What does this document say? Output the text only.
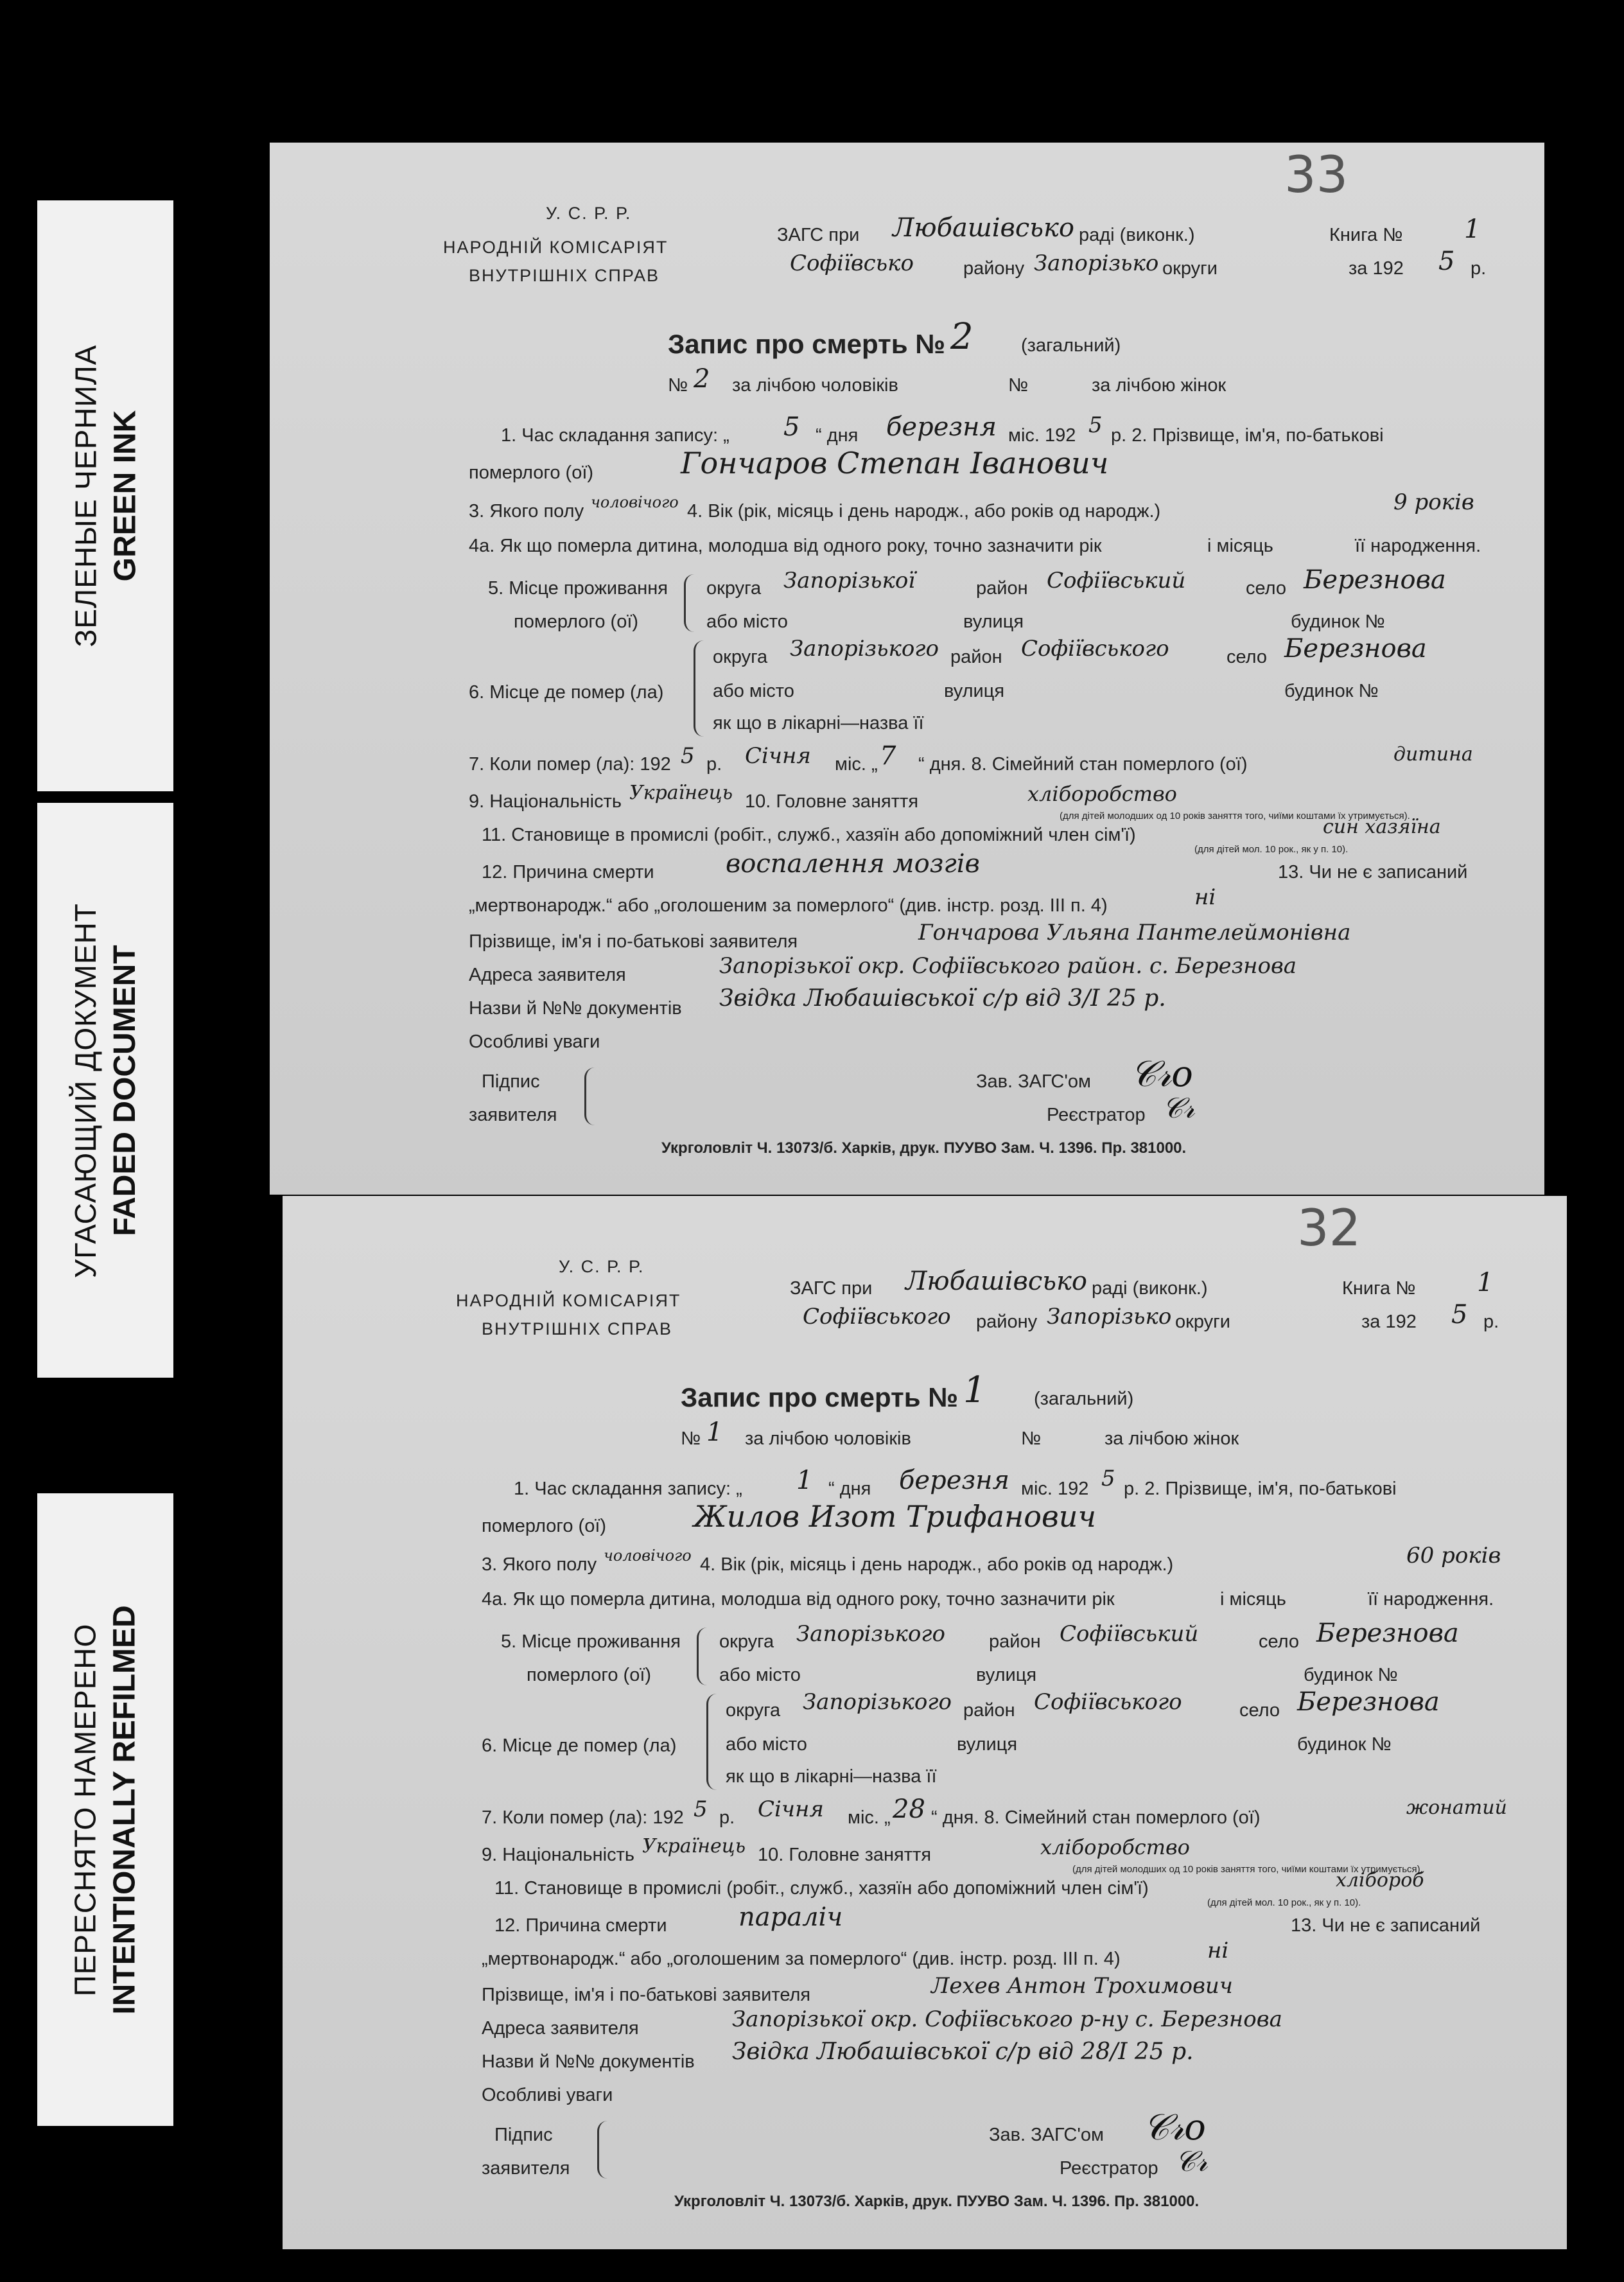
ЗЕЛЕНЫЕ ЧЕРНИЛА GREEN INK
УГАСАЮЩИЙ ДОКУМЕНТ FADED DOCUMENT
ПЕРЕСНЯТО НАМЕРЕНО INTENTIONALLY REFILMED
33
У. С. Р. Р.
НАРОДНІЙ КОМІСАРІЯТ
ВНУТРІШНІХ СПРАВ
ЗАГС при Любашівсько раді (виконк.)
Софіївсько	району Запорізько округи
Книга № 1
за 192 5 р.
Запис про смерть № 2	(загальний)
№ 2 за лічбою чоловіків	№	за лічбою жінок
1. Час складання запису: „ 5 “ дня березня міс. 192 5 р. 2. Прізвище, ім'я, по-батькові
померлого (ої)	Гончаров Степан Іванович
3. Якого полу чоловічого 4. Вік (рік, місяць і день народж., або років од народж.)	9 років
4а. Як що померла дитина, молодша від одного року, точно зазначити рік	і місяць	її народження.
5. Місце проживання
померлого (ої)
округа Запорізької	район Софіївський	село Березнова
або місто	вулиця	будинок №
6. Місце де помер (ла)
округа Запорізького район Софіївського	село Березнова
або місто	вулиця	будинок №
як що в лікарні—назва її
7. Коли помер (ла): 192 5 р. Січня міс. „ 7 “ дня. 8. Сімейний стан померлого (ої)	дитина
9. Національність Українець 10. Головне заняття	хліборобство
(для дітей молодших од 10 років заняття того, чиїми коштами їх утримується).
11. Становище в промислі (робіт., служб., хазяїн або допоміжний член сім'ї)	син хазяїна
(для дітей мол. 10 рок., як у п. 10).
12. Причина смерти	воспалення мозгів	13. Чи не є записаний
„мертвонародж.“ або „оголошеним за померлого“ (див. інстр. розд. III п. 4)	ні
Прізвище, ім'я і по-батькові заявителя	Гончарова Ульяна Пантелеймонівна
Адреса заявителя	Запорізької окр. Софіївського район. с. Березнова
Назви й №№ документів Звідка Любашівської с/р від 3/І 25 р.
Особливі уваги
Підпис
заявителя
Зав. ЗАГС'ом 𝒞𝓇𝑜
Реєстратор 𝒞𝓇
Укрголовліт Ч. 13073/б. Харків, друк. ПУУВО Зам. Ч. 1396. Пр. 381000.
32
У. С. Р. Р.
НАРОДНІЙ КОМІСАРІЯТ
ВНУТРІШНІХ СПРАВ
ЗАГС при Любашівсько раді (виконк.)
Софіївського району Запорізько округи
Книга № 1
за 192 5 р.
Запис про смерть № 1	(загальний)
№ 1 за лічбою чоловіків	№	за лічбою жінок
1. Час складання запису: „ 1 “ дня березня міс. 192 5 р. 2. Прізвище, ім'я, по-батькові
померлого (ої)	Жилов Изот Трифанович
3. Якого полу чоловічого 4. Вік (рік, місяць і день народж., або років од народж.)	60 років
4а. Як що померла дитина, молодша від одного року, точно зазначити рік	і місяць	її народження.
5. Місце проживання
померлого (ої)
округа Запорізького район Софіївський	село Березнова
або місто	вулиця	будинок №
6. Місце де помер (ла)
округа Запорізького район Софіївського	село Березнова
або місто	вулиця	будинок №
як що в лікарні—назва її
7. Коли помер (ла): 192 5 р. Січня міс. „ 28 “ дня. 8. Сімейний стан померлого (ої)	жонатий
9. Національність Українець 10. Головне заняття	хліборобство
(для дітей молодших од 10 років заняття того, чиїми коштами їх утримується).
11. Становище в промислі (робіт., служб., хазяїн або допоміжний член сім'ї)	хлібороб
(для дітей мол. 10 рок., як у п. 10).
12. Причина смерти	параліч	13. Чи не є записаний
„мертвонародж.“ або „оголошеним за померлого“ (див. інстр. розд. III п. 4)	ні
Прізвище, ім'я і по-батькові заявителя	Лехев Антон Трохимович
Адреса заявителя	Запорізької окр. Софіївського р-ну с. Березнова
Назви й №№ документів Звідка Любашівської с/р від 28/І 25 р.
Особливі уваги
Підпис
заявителя
Зав. ЗАГС'ом 𝒞𝓇𝑜
Реєстратор 𝒞𝓇
Укрголовліт Ч. 13073/б. Харків, друк. ПУУВО Зам. Ч. 1396. Пр. 381000.
